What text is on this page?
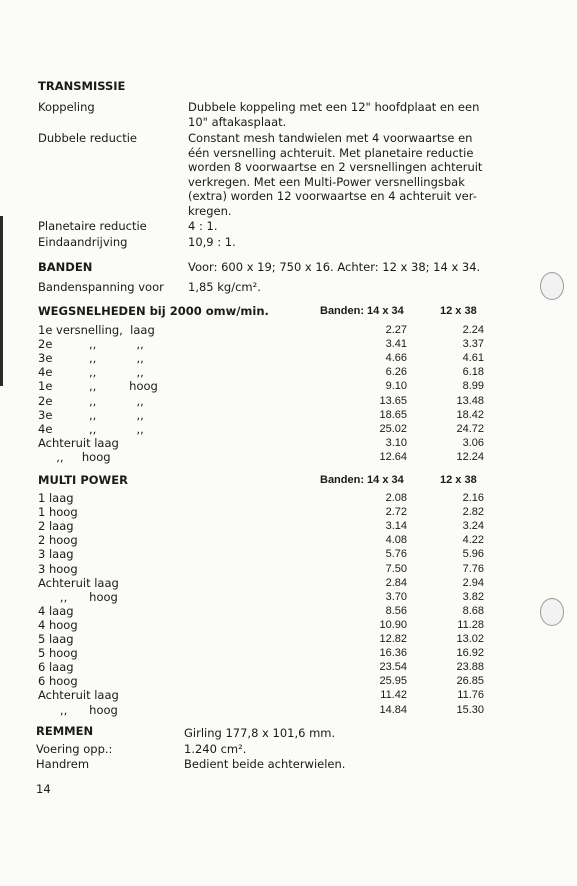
TRANSMISSIE
Koppeling	Dubbele koppeling met een 12" hoofdplaat en een
10" aftakasplaat.
Dubbele reductie	Constant mesh tandwielen met 4 voorwaartse en
één versnelling achteruit. Met planetaire reductie
worden 8 voorwaartse en 2 versnellingen achteruit
verkregen. Met een Multi-Power versnellingsbak
(extra) worden 12 voorwaartse en 4 achteruit ver-
kregen.
Planetaire reductie	4 : 1.
Eindaandrijving	10,9 : 1.
BANDEN	Voor: 600 x 19; 750 x 16. Achter: 12 x 38; 14 x 34.
Bandenspanning voor 1,85 kg/cm².
WEGSNELHEDEN bij 2000 omw/min.	Banden: 14 x 34	12 x 38
1e versnelling,  laag	2.27	2.24
2e          ,,           ,,	3.41	3.37
3e          ,,           ,,	4.66	4.61
4e          ,,           ,,	6.26	6.18
1e          ,,         hoog	9.10	8.99
2e          ,,           ,,	13.65	13.48
3e          ,,           ,,	18.65	18.42
4e          ,,           ,,	25.02	24.72
Achteruit laag	3.10	3.06
,,     hoog	12.64	12.24
MULTI POWER	Banden: 14 x 34	12 x 38
1 laag	2.08	2.16
1 hoog	2.72	2.82
2 laag	3.14	3.24
2 hoog	4.08	4.22
3 laag	5.76	5.96
3 hoog	7.50	7.76
Achteruit laag	2.84	2.94
,,      hoog	3.70	3.82
4 laag	8.56	8.68
4 hoog	10.90	11.28
5 laag	12.82	13.02
5 hoog	16.36	16.92
6 laag	23.54	23.88
6 hoog	25.95	26.85
Achteruit laag	11.42	11.76
,,      hoog	14.84	15.30
REMMEN	Girling 177,8 x 101,6 mm.
Voering opp.:	1.240 cm².
Handrem	Bedient beide achterwielen.
14
